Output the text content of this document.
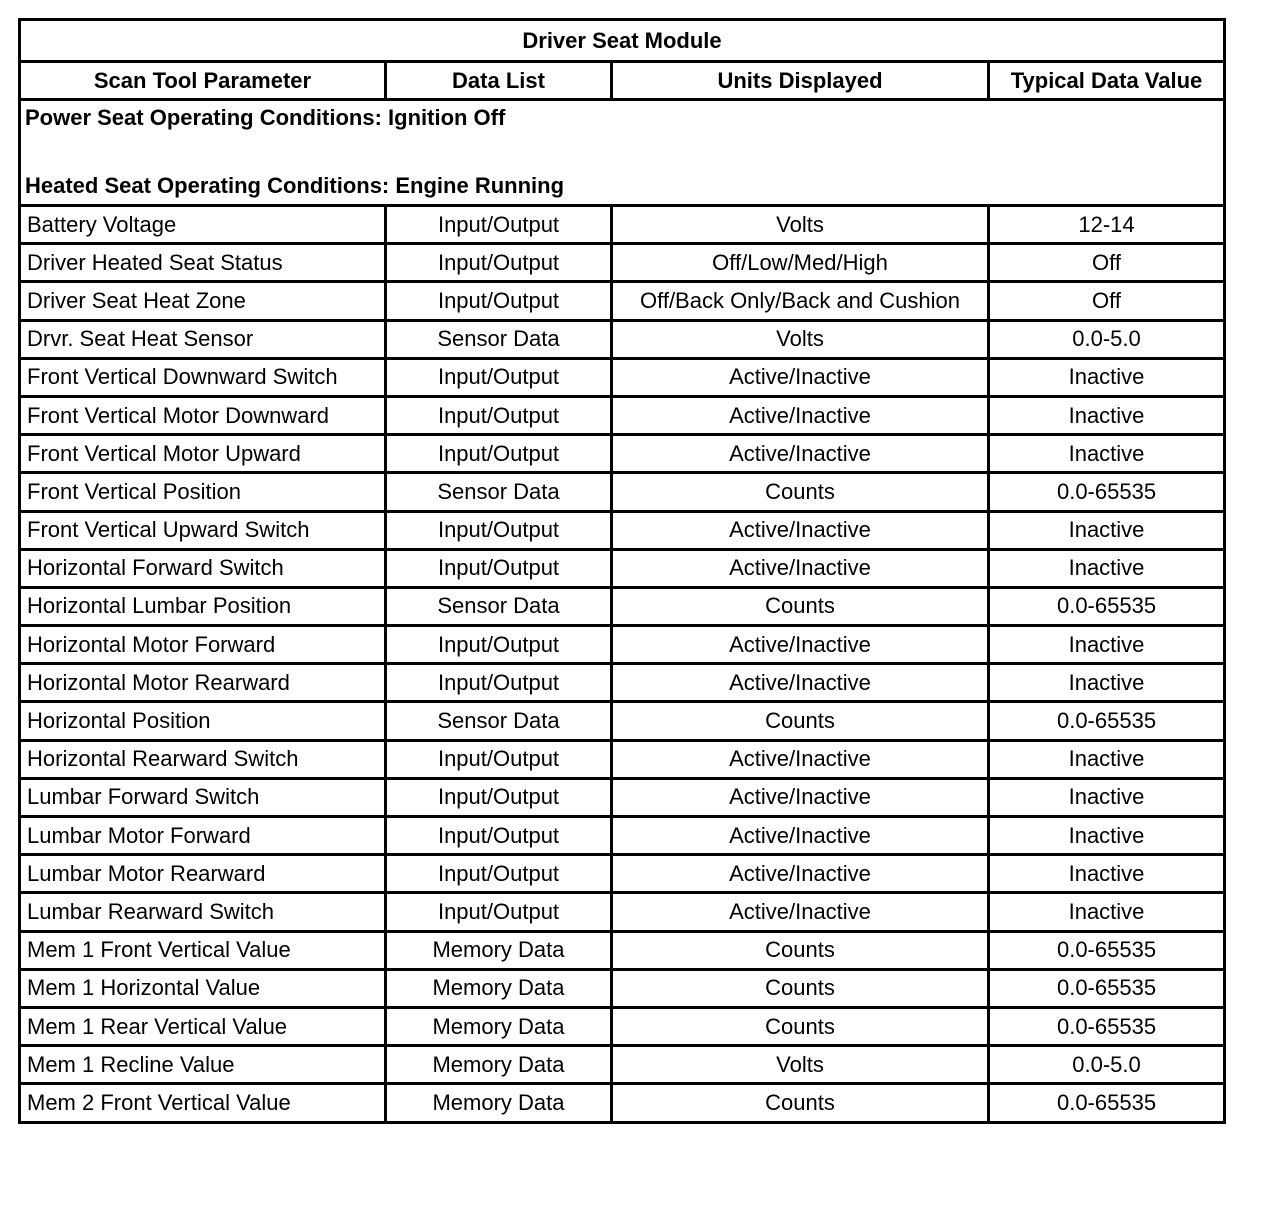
Driver Seat Module			
Scan Tool Parameter	Data List	Units Displayed	Typical Data Value

Power Seat Operating Conditions: Ignition Off

Heated Seat Operating Conditions: Engine Running			

Battery Voltage	Input/Output	Volts	12-14
Driver Heated Seat Status	Input/Output	Off/Low/Med/High	Off
Driver Seat Heat Zone	Input/Output	Off/Back Only/Back and Cushion	Off
Drvr. Seat Heat Sensor	Sensor Data	Volts	0.0-5.0
Front Vertical Downward Switch	Input/Output	Active/Inactive	Inactive
Front Vertical Motor Downward	Input/Output	Active/Inactive	Inactive
Front Vertical Motor Upward	Input/Output	Active/Inactive	Inactive
Front Vertical Position	Sensor Data	Counts	0.0-65535
Front Vertical Upward Switch	Input/Output	Active/Inactive	Inactive
Horizontal Forward Switch	Input/Output	Active/Inactive	Inactive
Horizontal Lumbar Position	Sensor Data	Counts	0.0-65535
Horizontal Motor Forward	Input/Output	Active/Inactive	Inactive
Horizontal Motor Rearward	Input/Output	Active/Inactive	Inactive
Horizontal Position	Sensor Data	Counts	0.0-65535
Horizontal Rearward Switch	Input/Output	Active/Inactive	Inactive
Lumbar Forward Switch	Input/Output	Active/Inactive	Inactive
Lumbar Motor Forward	Input/Output	Active/Inactive	Inactive
Lumbar Motor Rearward	Input/Output	Active/Inactive	Inactive
Lumbar Rearward Switch	Input/Output	Active/Inactive	Inactive
Mem 1 Front Vertical Value	Memory Data	Counts	0.0-65535
Mem 1 Horizontal Value	Memory Data	Counts	0.0-65535
Mem 1 Rear Vertical Value	Memory Data	Counts	0.0-65535
Mem 1 Recline Value	Memory Data	Volts	0.0-5.0
Mem 2 Front Vertical Value	Memory Data	Counts	0.0-65535
